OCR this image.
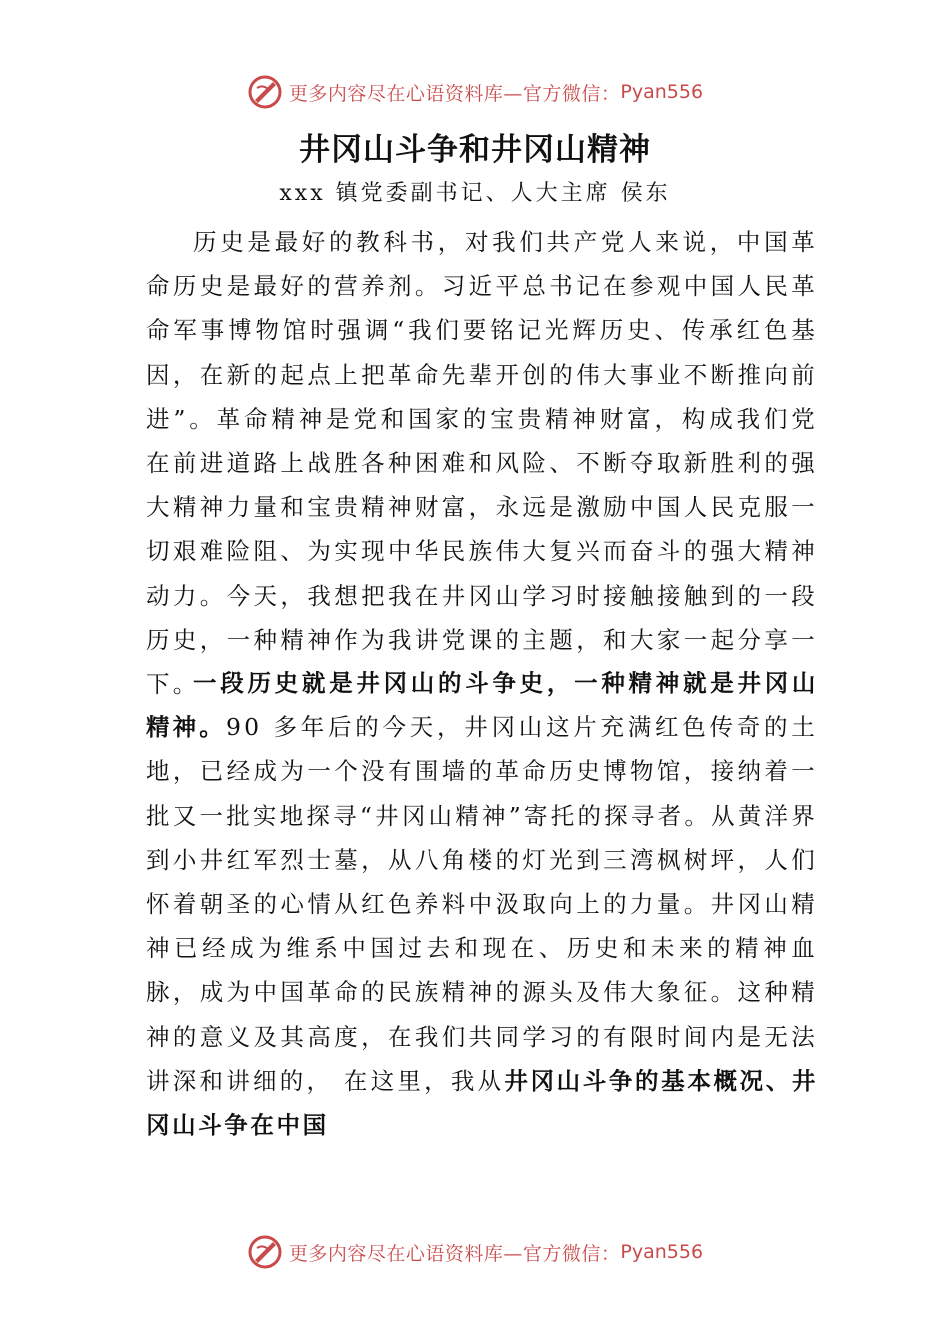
更多内容尽在心语资料库—官方微信： Pyan556
井冈山斗争和井冈山精神
xxx 镇党委副书记、人大主席 侯东

历史是最好的教科书，对我们共产党人来说，中国革命历史是最好的营养剂。习近平总书记在参观中国人民革命军事博物馆时强调“我们要铭记光辉历史、传承红色基因，在新的起点上把革命先辈开创的伟大事业不断推向前进”。革命精神是党和国家的宝贵精神财富，构成我们党在前进道路上战胜各种困难和风险、不断夺取新胜利的强大精神力量和宝贵精神财富，永远是激励中国人民克服一切艰难险阻、为实现中华民族伟大复兴而奋斗的强大精神动力。今天，我想把我在井冈山学习时接触接触到的一段历史，一种精神作为我讲党课的主题，和大家一起分享一下。

一段历史就是井冈山的斗争史，一种精神就是井冈山精神。90 多年后的今天，井冈山这片充满红色传奇的土地，已经成为一个没有围墙的革命历史博物馆，接纳着一批又一批实地探寻“井冈山精神”寄托的探寻者。从黄洋界到小井红军烈士墓，从八角楼的灯光到三湾枫树坪，人们怀着朝圣的心情从红色养料中汲取向上的力量。井冈山精神已经成为维系中国过去和现在、历史和未来的精神血脉，成为中国革命的民族精神的源头及伟大象征。这种精神的意义及其高度，在我们共同学习的有限时间内是无法讲深和讲细的， 在这里，我从井冈山斗争的基本概况、井冈山斗争在中国

更多内容尽在心语资料库—官方微信： Pyan556
